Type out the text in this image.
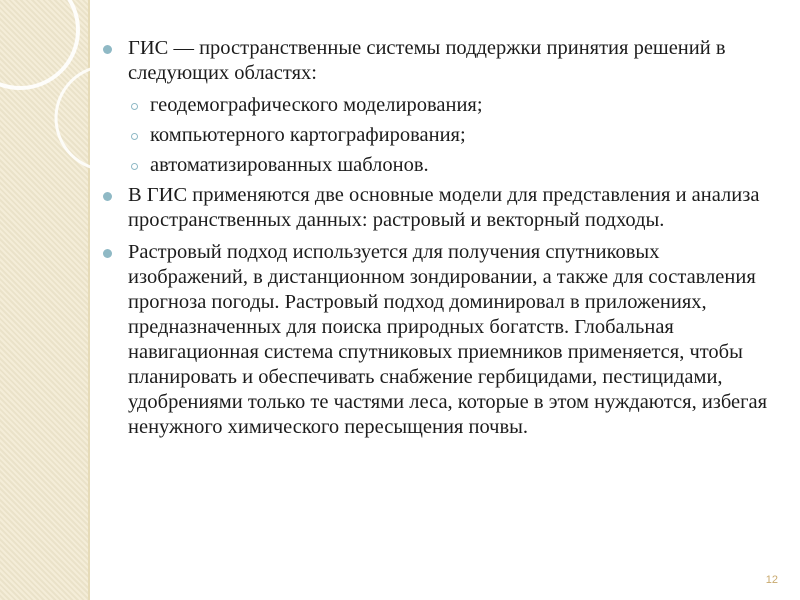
ГИС — пространственные системы поддержки принятия решений в следующих областях:
геодемографического моделирования;
компьютерного картографирования;
автоматизированных шаблонов.
В ГИС применяются две основные модели для представления и анализа пространственных данных: растровый и векторный подходы.
Растровый подход используется для получения спутниковых изображений, в дистанционном зондировании, а также для составления прогноза погоды. Растровый подход доминировал в приложениях, предназначенных для поиска природных богатств. Глобальная навигационная система спутниковых приемников применяется, чтобы планировать и обеспечивать снабжение гербицидами, пестицидами, удобрениями только те частями леса, которые в этом нуждаются, избегая ненужного химического пересыщения почвы.
12
